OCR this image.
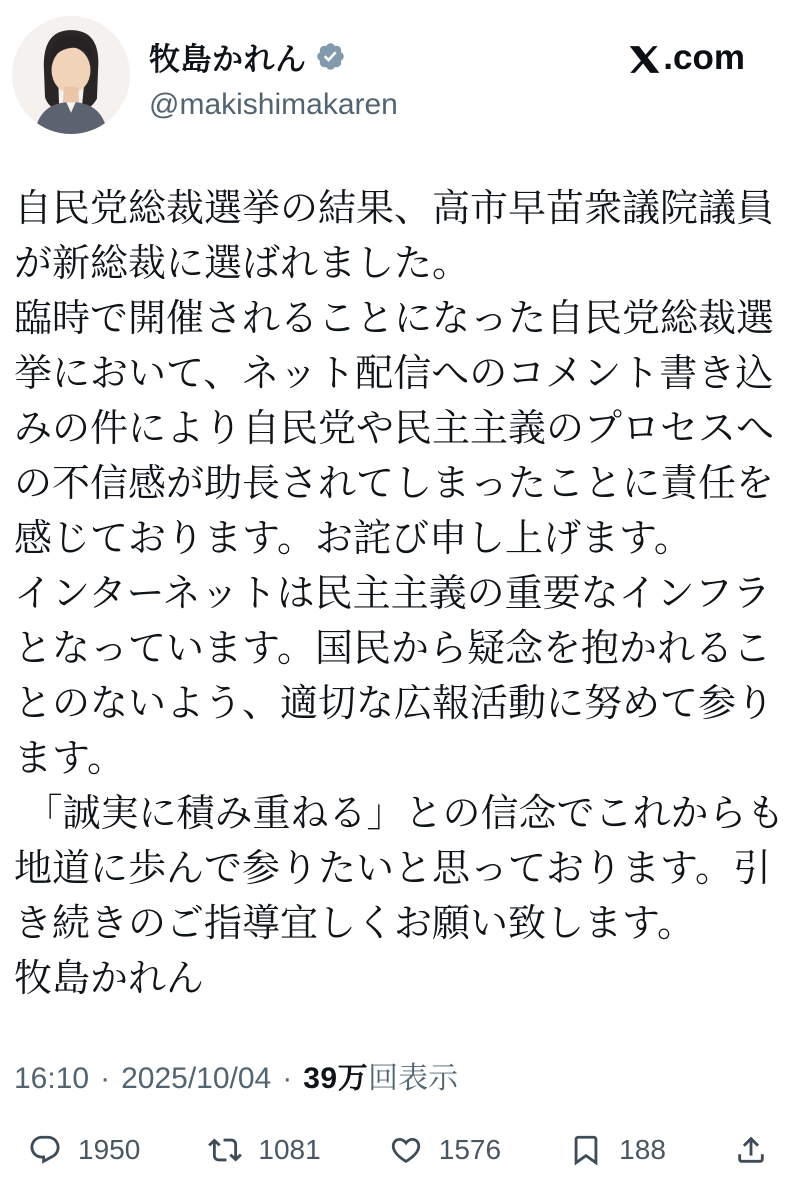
牧島かれん
@makishimakaren
.com
自民党総裁選挙の結果、高市早苗衆議院議員
が新総裁に選ばれました。
臨時で開催されることになった自民党総裁選
挙において、ネット配信へのコメント書き込
みの件により自民党や民主主義のプロセスへ
の不信感が助長されてしまったことに責任を
感じております。お詫び申し上げます。
インターネットは民主主義の重要なインフラ
となっています。国民から疑念を抱かれるこ
とのないよう、適切な広報活動に努めて参り
ます。
「誠実に積み重ねる」との信念でこれからも
地道に歩んで参りたいと思っております。引
き続きのご指導宜しくお願い致します。
牧島かれん
16:10 · 2025/10/04 · 39万回表示
1950	1081	1576	188
